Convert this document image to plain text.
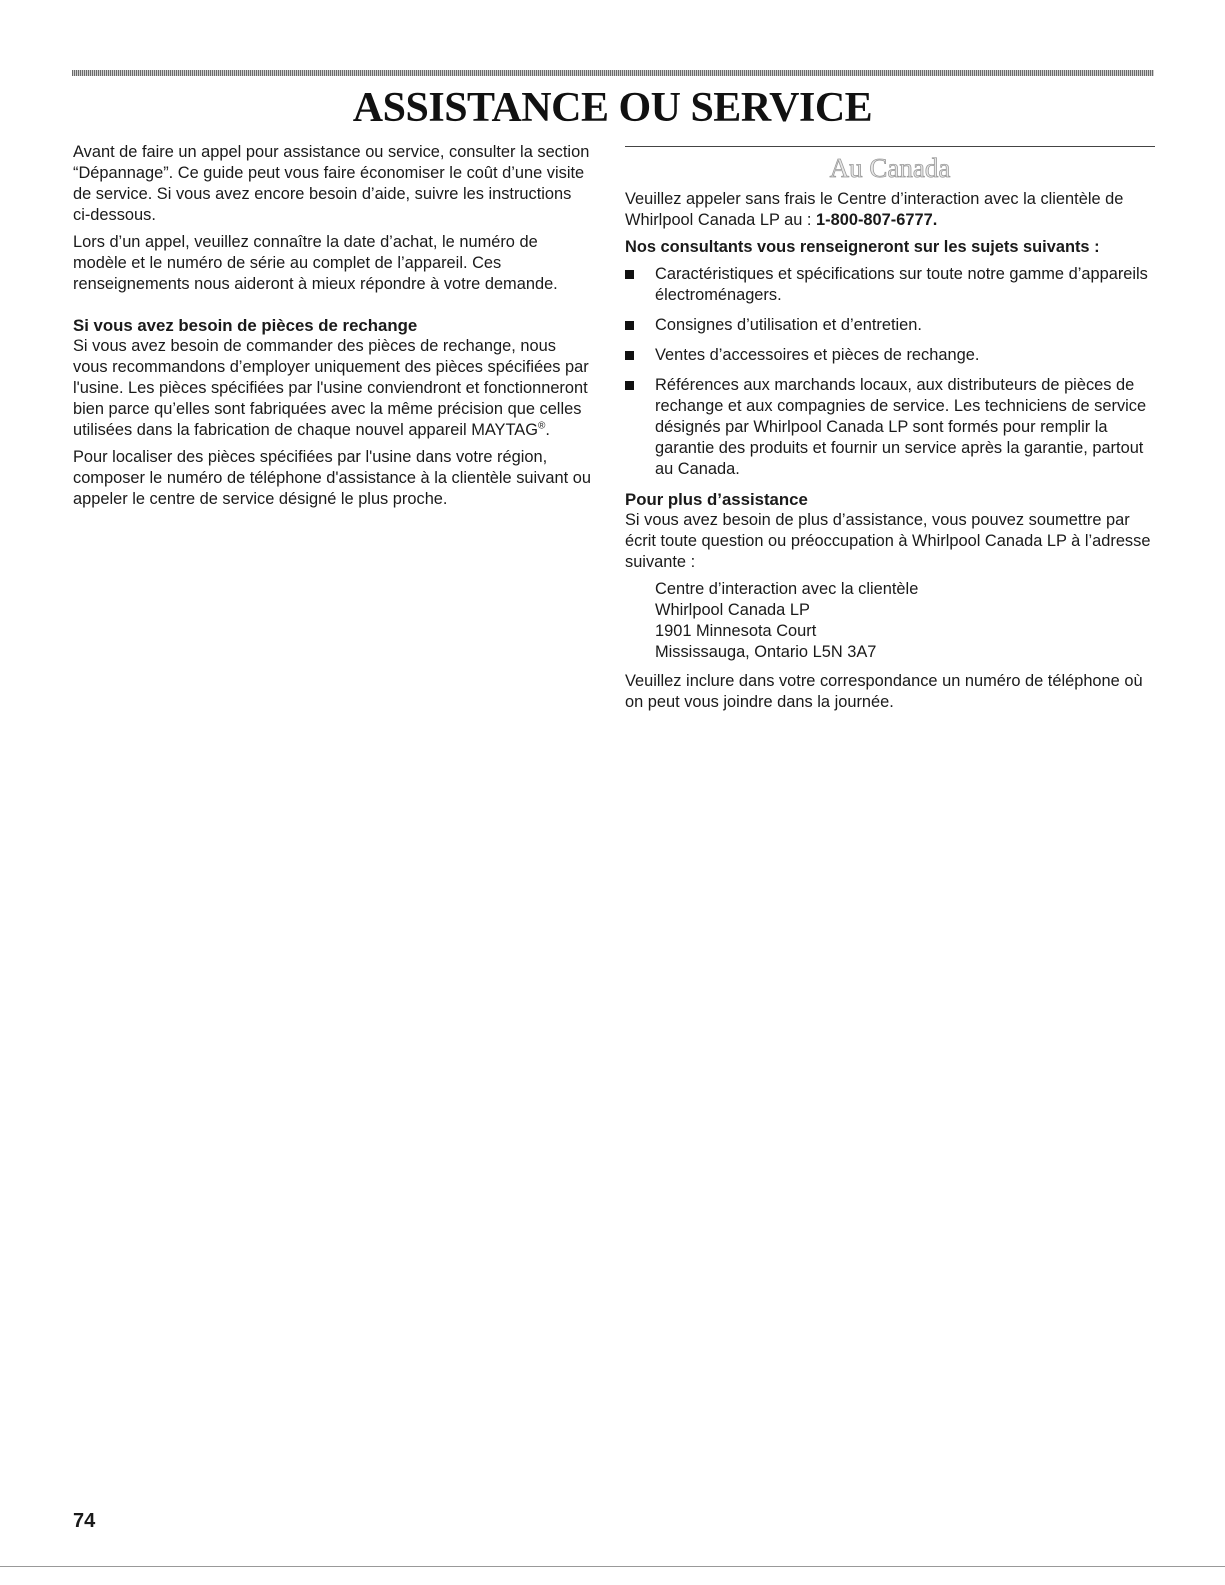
ASSISTANCE OU SERVICE

Avant de faire un appel pour assistance ou service, consulter la section “Dépannage”. Ce guide peut vous faire économiser le coût d’une visite de service. Si vous avez encore besoin d’aide, suivre les instructions ci-dessous.

Lors d’un appel, veuillez connaître la date d’achat, le numéro de modèle et le numéro de série au complet de l’appareil. Ces renseignements nous aideront à mieux répondre à votre demande.

Si vous avez besoin de pièces de rechange

Si vous avez besoin de commander des pièces de rechange, nous vous recommandons d’employer uniquement des pièces spécifiées par l'usine. Les pièces spécifiées par l'usine conviendront et fonctionneront bien parce qu’elles sont fabriquées avec la même précision que celles utilisées dans la fabrication de chaque nouvel appareil MAYTAG®.

Pour localiser des pièces spécifiées par l'usine dans votre région, composer le numéro de téléphone d'assistance à la clientèle suivant ou appeler le centre de service désigné le plus proche.

Au Canada

Veuillez appeler sans frais le Centre d’interaction avec la clientèle de Whirlpool Canada LP au : 1-800-807-6777.

Nos consultants vous renseigneront sur les sujets suivants :
Caractéristiques et spécifications sur toute notre gamme d’appareils électroménagers.
Consignes d’utilisation et d’entretien.
Ventes d’accessoires et pièces de rechange.
Références aux marchands locaux, aux distributeurs de pièces de rechange et aux compagnies de service. Les techniciens de service désignés par Whirlpool Canada LP sont formés pour remplir la garantie des produits et fournir un service après la garantie, partout au Canada.
Pour plus d’assistance

Si vous avez besoin de plus d’assistance, vous pouvez soumettre par écrit toute question ou préoccupation à Whirlpool Canada LP à l’adresse suivante :

Centre d’interaction avec la clientèle
Whirlpool Canada LP
1901 Minnesota Court
Mississauga, Ontario L5N 3A7

Veuillez inclure dans votre correspondance un numéro de téléphone où on peut vous joindre dans la journée.

74
